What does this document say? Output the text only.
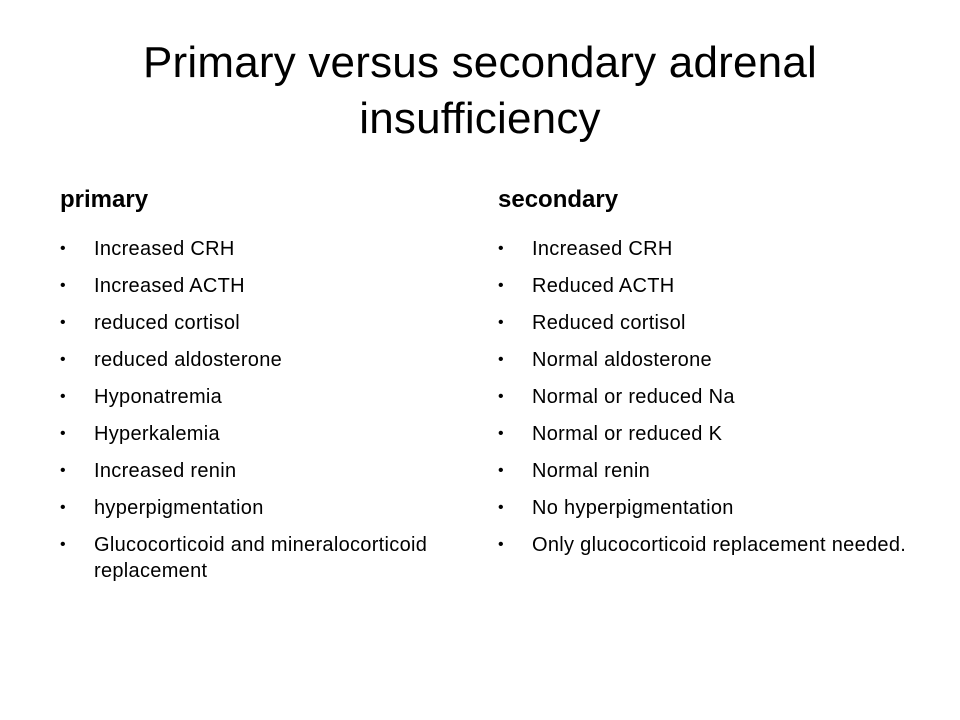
Primary versus secondary adrenal insufficiency
primary
• Increased CRH
• Increased ACTH
• reduced cortisol
• reduced aldosterone
• Hyponatremia
• Hyperkalemia
• Increased renin
• hyperpigmentation
• Glucocorticoid and mineralocorticoid replacement
secondary
• Increased CRH
• Reduced ACTH
• Reduced cortisol
• Normal aldosterone
• Normal or reduced Na
• Normal or reduced K
• Normal renin
• No hyperpigmentation
• Only glucocorticoid replacement needed.
